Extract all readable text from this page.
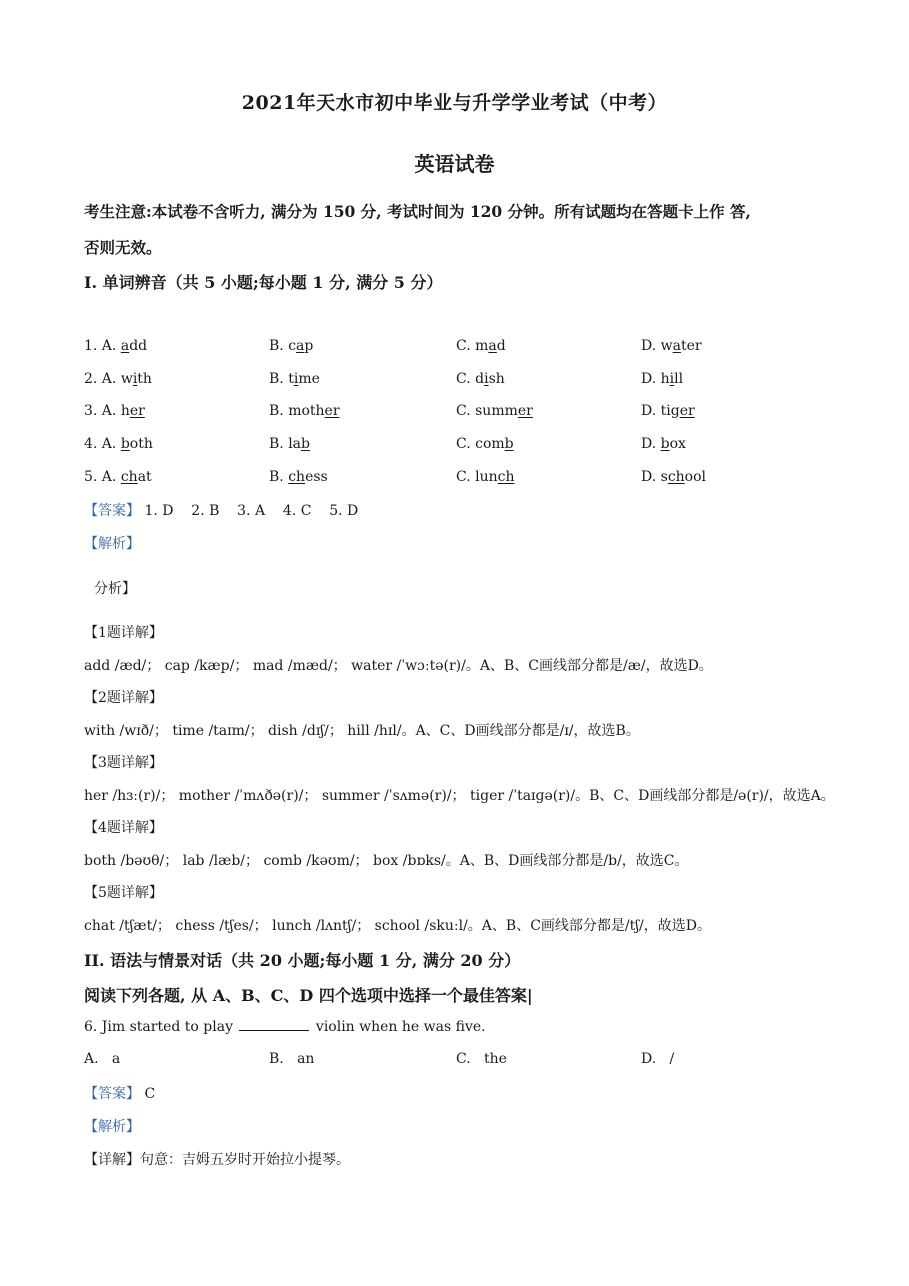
2021年天水市初中毕业与升学学业考试（中考）
英语试卷
考生注意:本试卷不含听力, 满分为 150 分, 考试时间为 120 分钟。所有试题均在答题卡上作 答,
否则无效。
I. 单词辨音（共 5 小题;每小题 1 分, 满分 5 分）
1. A. add	B. cap	C. mad	D. water
2. A. with	B. time	C. dish	D. hill
3. A. her	B. mother	C. summer	D. tiger
4. A. both	B. lab	C. comb	D. box
5. A. chat	B. chess	C. lunch	D. school
【答案】 1. D    2. B    3. A    4. C    5. D
【解析】
分析】
【1题详解】
add /æd/； cap /kæp/； mad /mæd/； water /ˈwɔːtə(r)/。A、B、C画线部分都是/æ/，故选D。
【2题详解】
with /wɪð/； time /taɪm/； dish /dɪʃ/； hill /hɪl/。A、C、D画线部分都是/ɪ/，故选B。
【3题详解】
her /hɜː(r)/； mother /ˈmʌðə(r)/； summer /ˈsʌmə(r)/； tiger /ˈtaɪɡə(r)/。B、C、D画线部分都是/ə(r)/，故选A。
【4题详解】
both /bəʊθ/； lab /læb/； comb /kəʊm/； box /bɒks/。A、B、D画线部分都是/b/，故选C。
【5题详解】
chat /tʃæt/； chess /tʃes/； lunch /lʌntʃ/； school /skuːl/。A、B、C画线部分都是/tʃ/，故选D。
II. 语法与情景对话（共 20 小题;每小题 1 分, 满分 20 分）
阅读下列各题, 从 A、B、C、D 四个选项中选择一个最佳答案|
6. Jim started to play	violin when he was five.
A.   a	B.   an	C.   the	D.   /
【答案】 C
【解析】
【详解】句意：吉姆五岁时开始拉小提琴。
